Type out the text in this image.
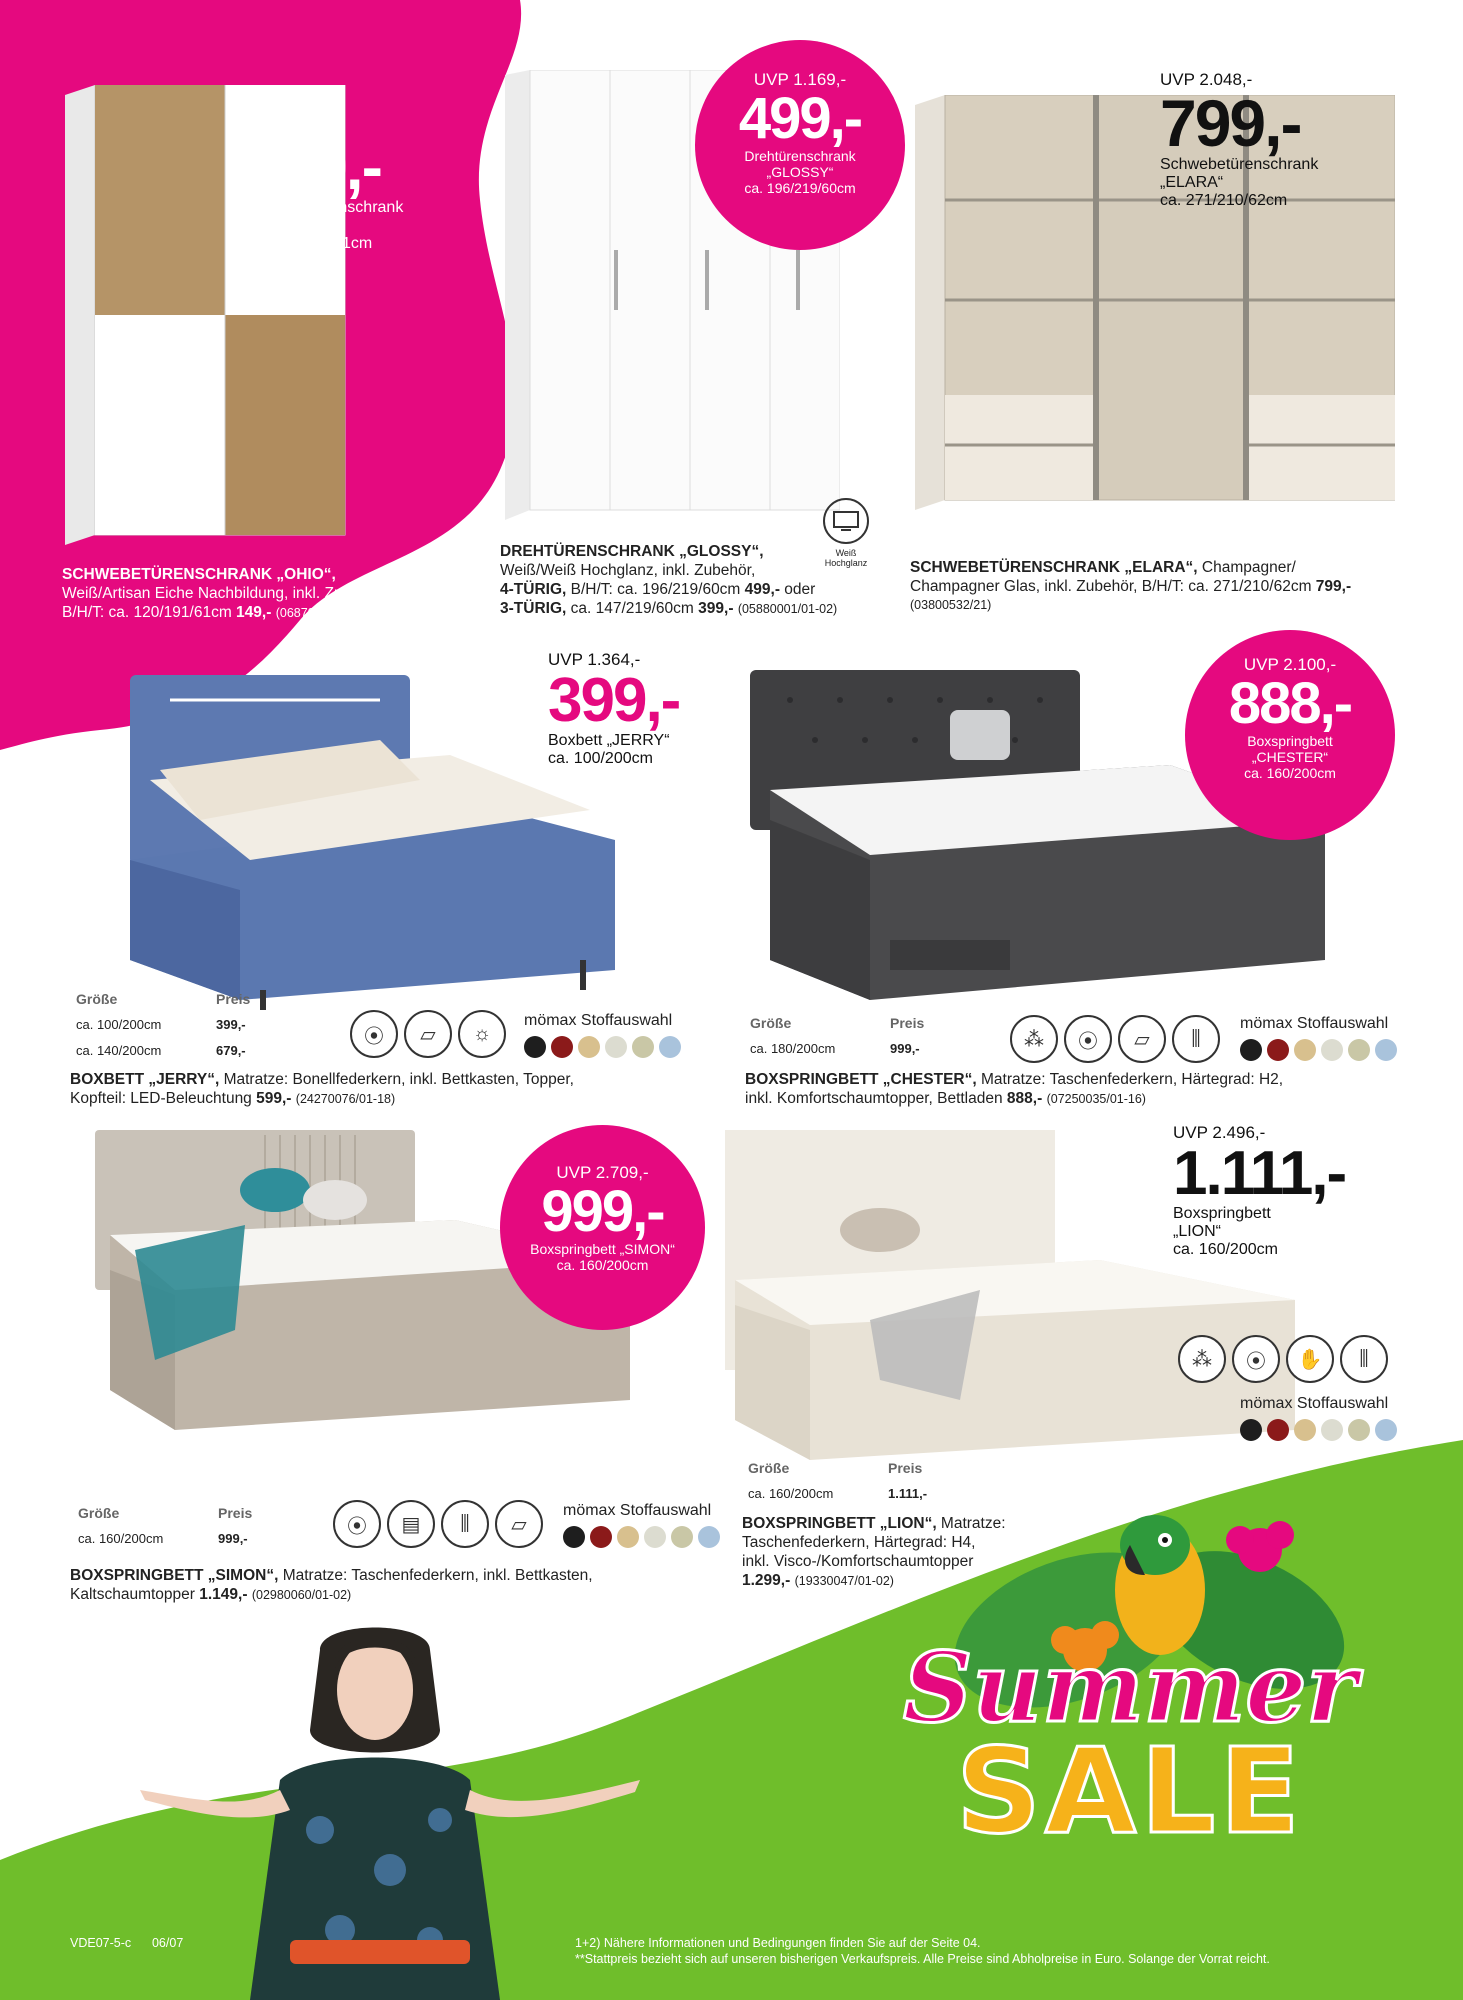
UVP 473,-
149,-
Schwebetürenschrank
„OHIO“
ca. 120/191/61cm
SCHWEBETÜRENSCHRANK „OHIO“,
Weiß/Artisan Eiche Nachbildung, inkl. Zubehör,
B/H/T: ca. 120/191/61cm 149,- (06870015/04)
UVP 1.169,-
499,-
Drehtürenschrank
„GLOSSY“
ca. 196/219/60cm
Weiß
Hochglanz
DREHTÜRENSCHRANK „GLOSSY“,
Weiß/Weiß Hochglanz, inkl. Zubehör,
4-TÜRIG, B/H/T: ca. 196/219/60cm 499,- oder
3-TÜRIG, ca. 147/219/60cm 399,- (05880001/01-02)
UVP 2.048,-
799,-
Schwebetürenschrank
„ELARA“
ca. 271/210/62cm
SCHWEBETÜRENSCHRANK „ELARA“, Champagner/
Champagner Glas, inkl. Zubehör, B/H/T: ca. 271/210/62cm 799,-
(03800532/21)
UVP 1.364,-
399,-
Boxbett „JERRY“
ca. 100/200cm
Größe	Preis
ca. 100/200cm	399,-
ca. 140/200cm	679,-
⦿	▱	☼
mömax Stoffauswahl
BOXBETT „JERRY“, Matratze: Bonellfederkern, inkl. Bettkasten, Topper,
Kopfteil: LED-Beleuchtung 599,- (24270076/01-18)
UVP 2.100,-
888,-
Boxspringbett
„CHESTER“
ca. 160/200cm
Größe	Preis
ca. 180/200cm	999,-	⁂	⦿	▱	⫼
mömax Stoffauswahl
BOXSPRINGBETT „CHESTER“, Matratze: Taschenfederkern, Härtegrad: H2,
inkl. Komfortschaumtopper, Bettladen 888,- (07250035/01-16)
UVP 2.709,-
999,-
Boxspringbett „SIMON“
ca. 160/200cm
Größe	Preis
ca. 160/200cm	999,-
⦿	▤	⫼	▱
mömax Stoffauswahl
BOXSPRINGBETT „SIMON“, Matratze: Taschenfederkern, inkl. Bettkasten,
Kaltschaumtopper 1.149,- (02980060/01-02)
UVP 2.496,-
1.111,-
Boxspringbett
„LION“
ca. 160/200cm
⁂	⦿	✋	⫼
mömax Stoffauswahl
Größe	Preis
ca. 160/200cm	1.111,-
BOXSPRINGBETT „LION“, Matratze:
Taschenfederkern, Härtegrad: H4,
inkl. Visco-/Komfortschaumtopper
1.299,- (19330047/01-02)
Summer
SALE
VDE07-5-c 06/07	1+2) Nähere Informationen und Bedingungen finden Sie auf der Seite 04.
**Stattpreis bezieht sich auf unseren bisherigen Verkaufspreis. Alle Preise sind Abholpreise in Euro. Solange der Vorrat reicht.
